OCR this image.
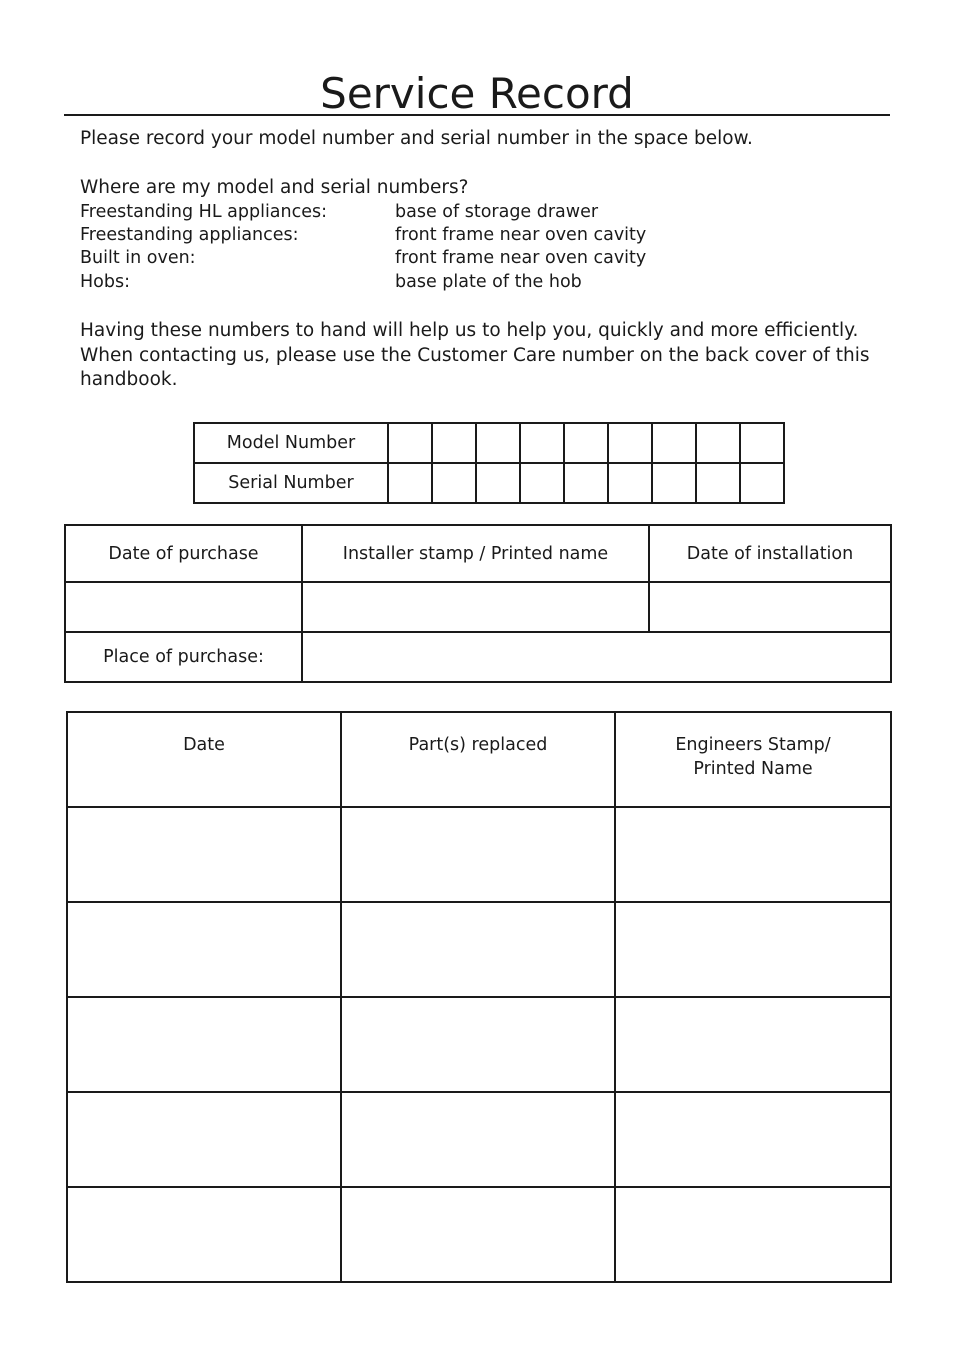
Service Record
Please record your model number and serial number in the space below.
Where are my model and serial numbers?
Freestanding HL appliances:	base of storage drawer
Freestanding appliances:	front frame near oven cavity
Built in oven:	front frame near oven cavity
Hobs:	base plate of the hob
Having these numbers to hand will help us to help you, quickly and more efficiently. When contacting us, please use the Customer Care number on the back cover of this handbook.
Model Number									
Serial Number									
Date of purchase	Installer stamp / Printed name	Date of installation

Place of purchase:		
Date	Part(s) replaced	Engineers Stamp/
Printed Name
